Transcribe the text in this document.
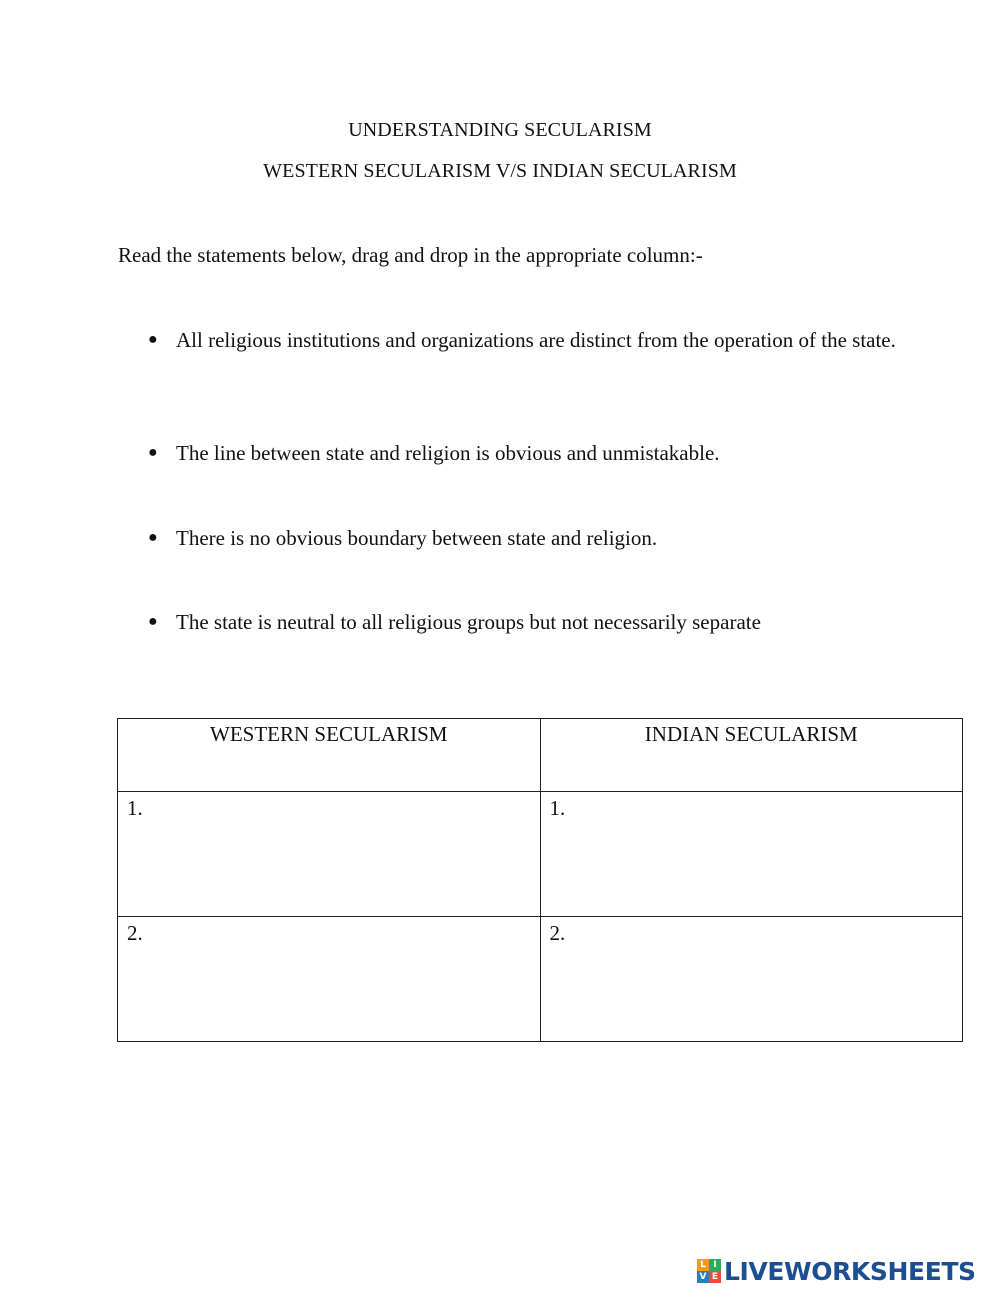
UNDERSTANDING SECULARISM
WESTERN SECULARISM V/S INDIAN SECULARISM
Read the statements below, drag and drop in the appropriate column:-
● All religious institutions and organizations are distinct from the operation of the state.
● The line between state and religion is obvious and unmistakable.
● There is no obvious boundary between state and religion.
● The state is neutral to all religious groups but not necessarily separate
WESTERN SECULARISM	INDIAN SECULARISM
1.	1.
2.	2.
L I
V E LIVEWORKSHEETS
